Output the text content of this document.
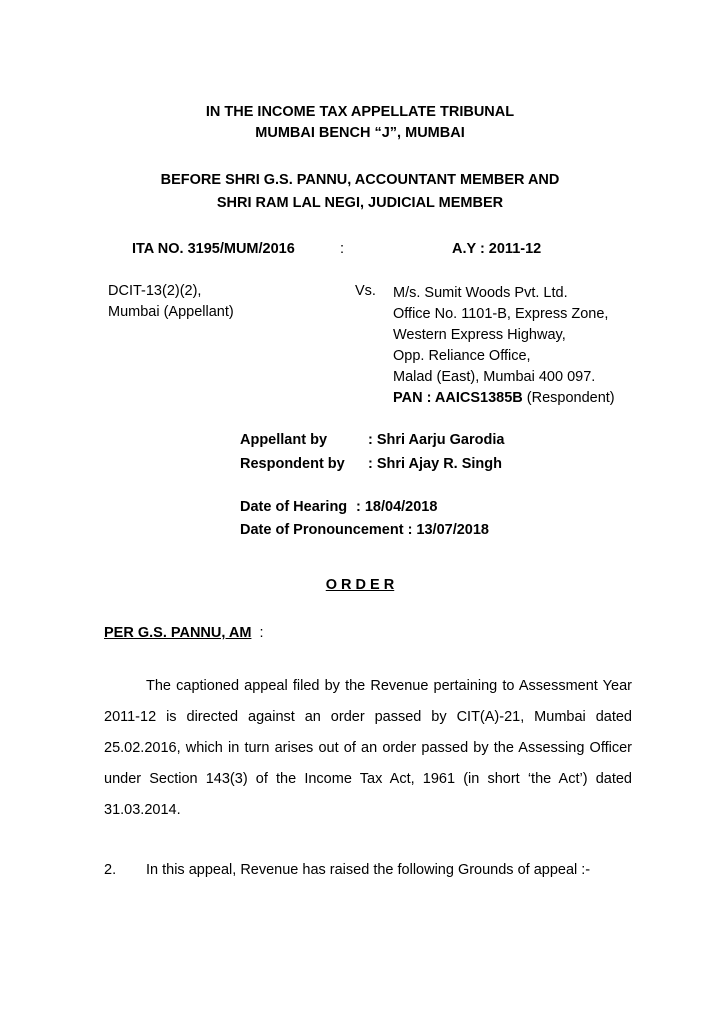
IN THE INCOME TAX APPELLATE TRIBUNAL
MUMBAI BENCH “J”, MUMBAI
BEFORE SHRI G.S. PANNU, ACCOUNTANT MEMBER AND
SHRI RAM LAL NEGI, JUDICIAL MEMBER
ITA NO. 3195/MUM/2016	:	A.Y : 2011-12
DCIT-13(2)(2),
Mumbai (Appellant)
Vs. M/s. Sumit Woods Pvt. Ltd.
Office No. 1101-B, Express Zone,
Western Express Highway,
Opp. Reliance Office,
Malad (East), Mumbai 400 097.
PAN : AAICS1385B (Respondent)
Appellant by	: Shri Aarju Garodia
Respondent by : Shri Ajay R. Singh
Date of Hearing : 18/04/2018
Date of Pronouncement : 13/07/2018
O R D E R
PER G.S. PANNU, AM :
The captioned appeal filed by the Revenue pertaining to Assessment Year 2011-12 is directed against an order passed by CIT(A)-21, Mumbai dated 25.02.2016, which in turn arises out of an order passed by the Assessing Officer under Section 143(3) of the Income Tax Act, 1961 (in short ‘the Act’) dated 31.03.2014.
2. In this appeal, Revenue has raised the following Grounds of appeal :-
